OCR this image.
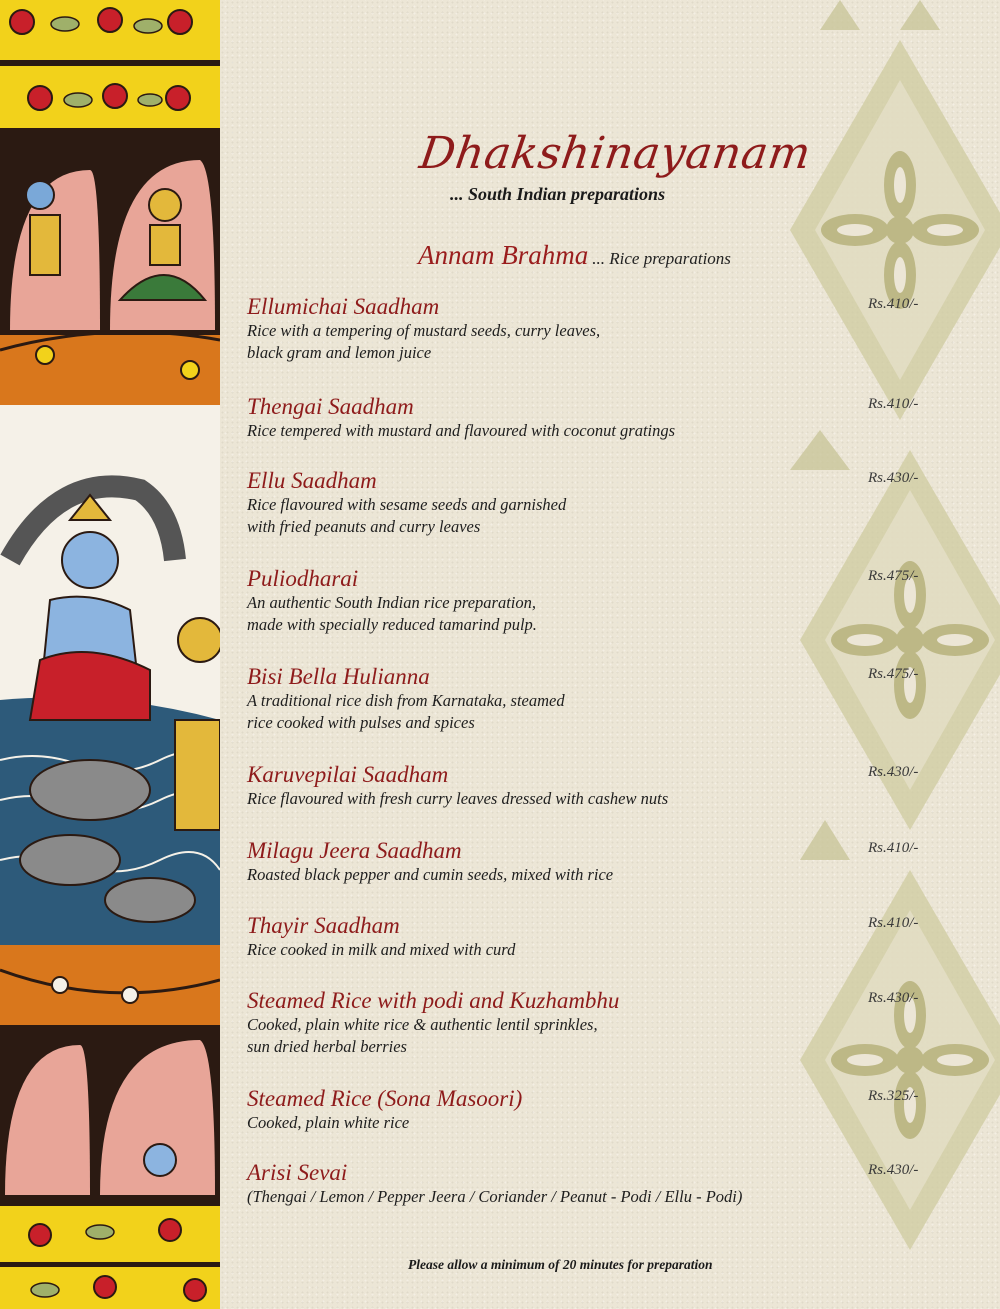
Dhakshinayanam
... South Indian preparations
Annam Brahma ... Rice preparations
Ellumichai Saadham
Rice with a tempering of mustard seeds, curry leaves,
black gram and lemon juice
Rs.410/-
Thengai Saadham
Rice tempered with mustard and flavoured with coconut gratings
Rs.410/-
Ellu Saadham
Rice flavoured with sesame seeds and garnished
with fried peanuts and curry leaves
Rs.430/-
Puliodharai
An authentic South Indian rice preparation,
made with specially reduced tamarind pulp.
Rs.475/-
Bisi Bella Hulianna
A traditional rice dish from Karnataka, steamed
rice cooked with pulses and spices
Rs.475/-
Karuvepilai Saadham
Rice flavoured with fresh curry leaves dressed with cashew nuts
Rs.430/-
Milagu Jeera Saadham
Roasted black pepper and cumin seeds, mixed with rice
Rs.410/-
Thayir Saadham
Rice cooked in milk and mixed with curd
Rs.410/-
Steamed Rice with podi and Kuzhambhu
Cooked, plain white rice & authentic lentil sprinkles,
sun dried herbal berries
Rs.430/-
Steamed Rice (Sona Masoori)
Cooked, plain white rice
Rs.325/-
Arisi Sevai
(Thengai / Lemon / Pepper Jeera / Coriander / Peanut - Podi / Ellu - Podi)
Rs.430/-
Please allow a minimum of 20 minutes for preparation
